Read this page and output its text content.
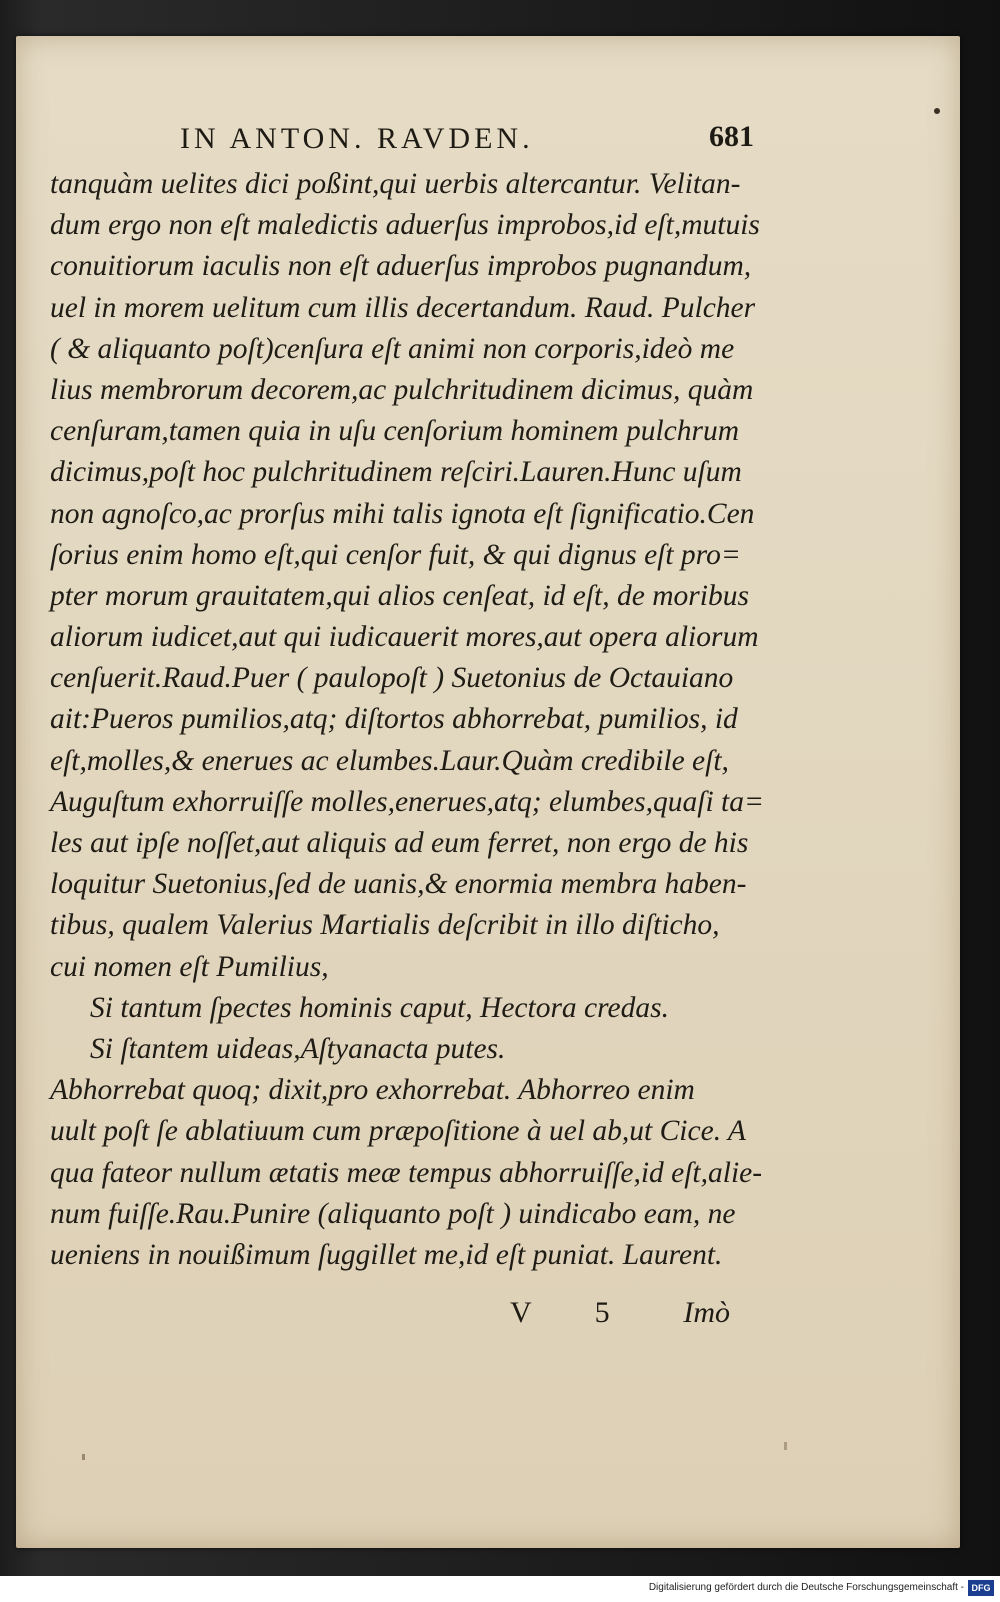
IN ANTON. RAVDEN.	681
tanquàm uelites dici poßint,qui uerbis altercantur. Velitan-
dum ergo non eſt maledictis aduerſus improbos,id eſt,mutuis
conuitiorum iaculis non eſt aduerſus improbos pugnandum,
uel in morem uelitum cum illis decertandum. Raud. Pulcher
( & aliquanto poſt)cenſura eſt animi non corporis,ideò me
lius membrorum decorem,ac pulchritudinem dicimus, quàm
cenſuram,tamen quia in uſu cenſorium hominem pulchrum
dicimus,poſt hoc pulchritudinem reſciri.Lauren.Hunc uſum
non agnoſco,ac prorſus mihi talis ignota eſt ſignificatio.Cen
ſorius enim homo eſt,qui cenſor fuit, & qui dignus eſt pro=
pter morum grauitatem,qui alios cenſeat, id eſt, de moribus
aliorum iudicet,aut qui iudicauerit mores,aut opera aliorum
cenſuerit.Raud.Puer ( paulopoſt ) Suetonius de Octauiano
ait:Pueros pumilios,atq; diſtortos abhorrebat, pumilios, id
eſt,molles,& enerues ac elumbes.Laur.Quàm credibile eſt,
Auguſtum exhorruiſſe molles,enerues,atq; elumbes,quaſi ta=
les aut ipſe noſſet,aut aliquis ad eum ferret, non ergo de his
loquitur Suetonius,ſed de uanis,& enormia membra haben-
tibus, qualem Valerius Martialis deſcribit in illo diſticho,
cui nomen eſt Pumilius,
Si tantum ſpectes hominis caput, Hectora credas.
Si ſtantem uideas,Aſtyanacta putes.
Abhorrebat quoq; dixit,pro exhorrebat. Abhorreo enim
uult poſt ſe ablatiuum cum præpoſitione à uel ab,ut Cice. A
qua fateor nullum ætatis meæ tempus abhorruiſſe,id eſt,alie-
num fuiſſe.Rau.Punire (aliquanto poſt ) uindicabo eam, ne
ueniens in nouißimum ſuggillet me,id eſt puniat. Laurent.
V 5 Imò
Digitalisierung gefördert durch die Deutsche Forschungsgemeinschaft - DFG
